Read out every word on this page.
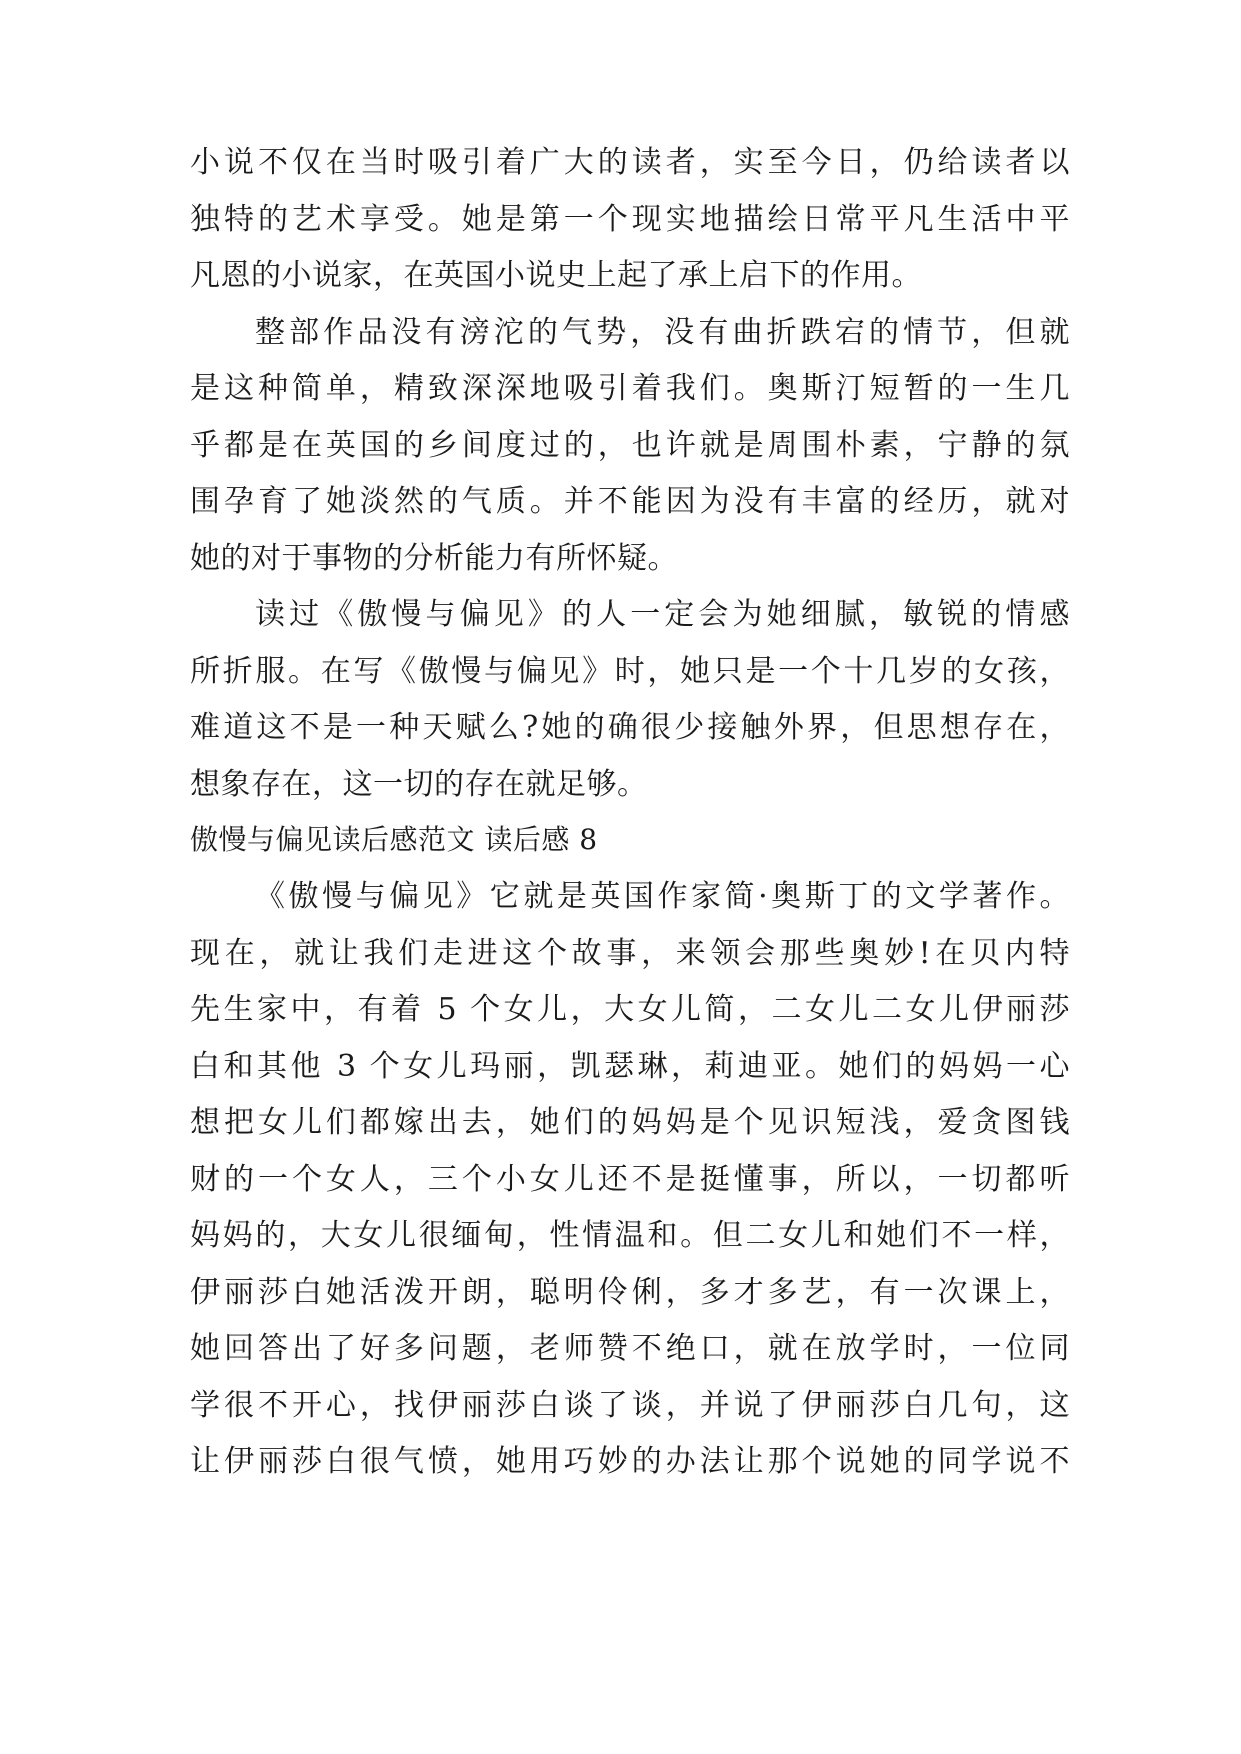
小说不仅在当时吸引着广大的读者，实至今日，仍给读者以
独特的艺术享受。她是第一个现实地描绘日常平凡生活中平
凡恩的小说家，在英国小说史上起了承上启下的作用。
整部作品没有滂沱的气势，没有曲折跌宕的情节，但就
是这种简单，精致深深地吸引着我们。奥斯汀短暂的一生几
乎都是在英国的乡间度过的，也许就是周围朴素，宁静的氛
围孕育了她淡然的气质。并不能因为没有丰富的经历，就对
她的对于事物的分析能力有所怀疑。
读过《傲慢与偏见》的人一定会为她细腻，敏锐的情感
所折服。在写《傲慢与偏见》时，她只是一个十几岁的女孩，
难道这不是一种天赋么?她的确很少接触外界，但思想存在，
想象存在，这一切的存在就足够。
傲慢与偏见读后感范文 读后感 8
《傲慢与偏见》它就是英国作家简·奥斯丁的文学著作。
现在，就让我们走进这个故事，来领会那些奥妙!在贝内特
先生家中，有着 5 个女儿，大女儿简，二女儿二女儿伊丽莎
白和其他 3 个女儿玛丽，凯瑟琳，莉迪亚。她们的妈妈一心
想把女儿们都嫁出去，她们的妈妈是个见识短浅，爱贪图钱
财的一个女人，三个小女儿还不是挺懂事，所以，一切都听
妈妈的，大女儿很缅甸，性情温和。但二女儿和她们不一样，
伊丽莎白她活泼开朗，聪明伶俐，多才多艺，有一次课上，
她回答出了好多问题，老师赞不绝口，就在放学时，一位同
学很不开心，找伊丽莎白谈了谈，并说了伊丽莎白几句，这
让伊丽莎白很气愤，她用巧妙的办法让那个说她的同学说不
